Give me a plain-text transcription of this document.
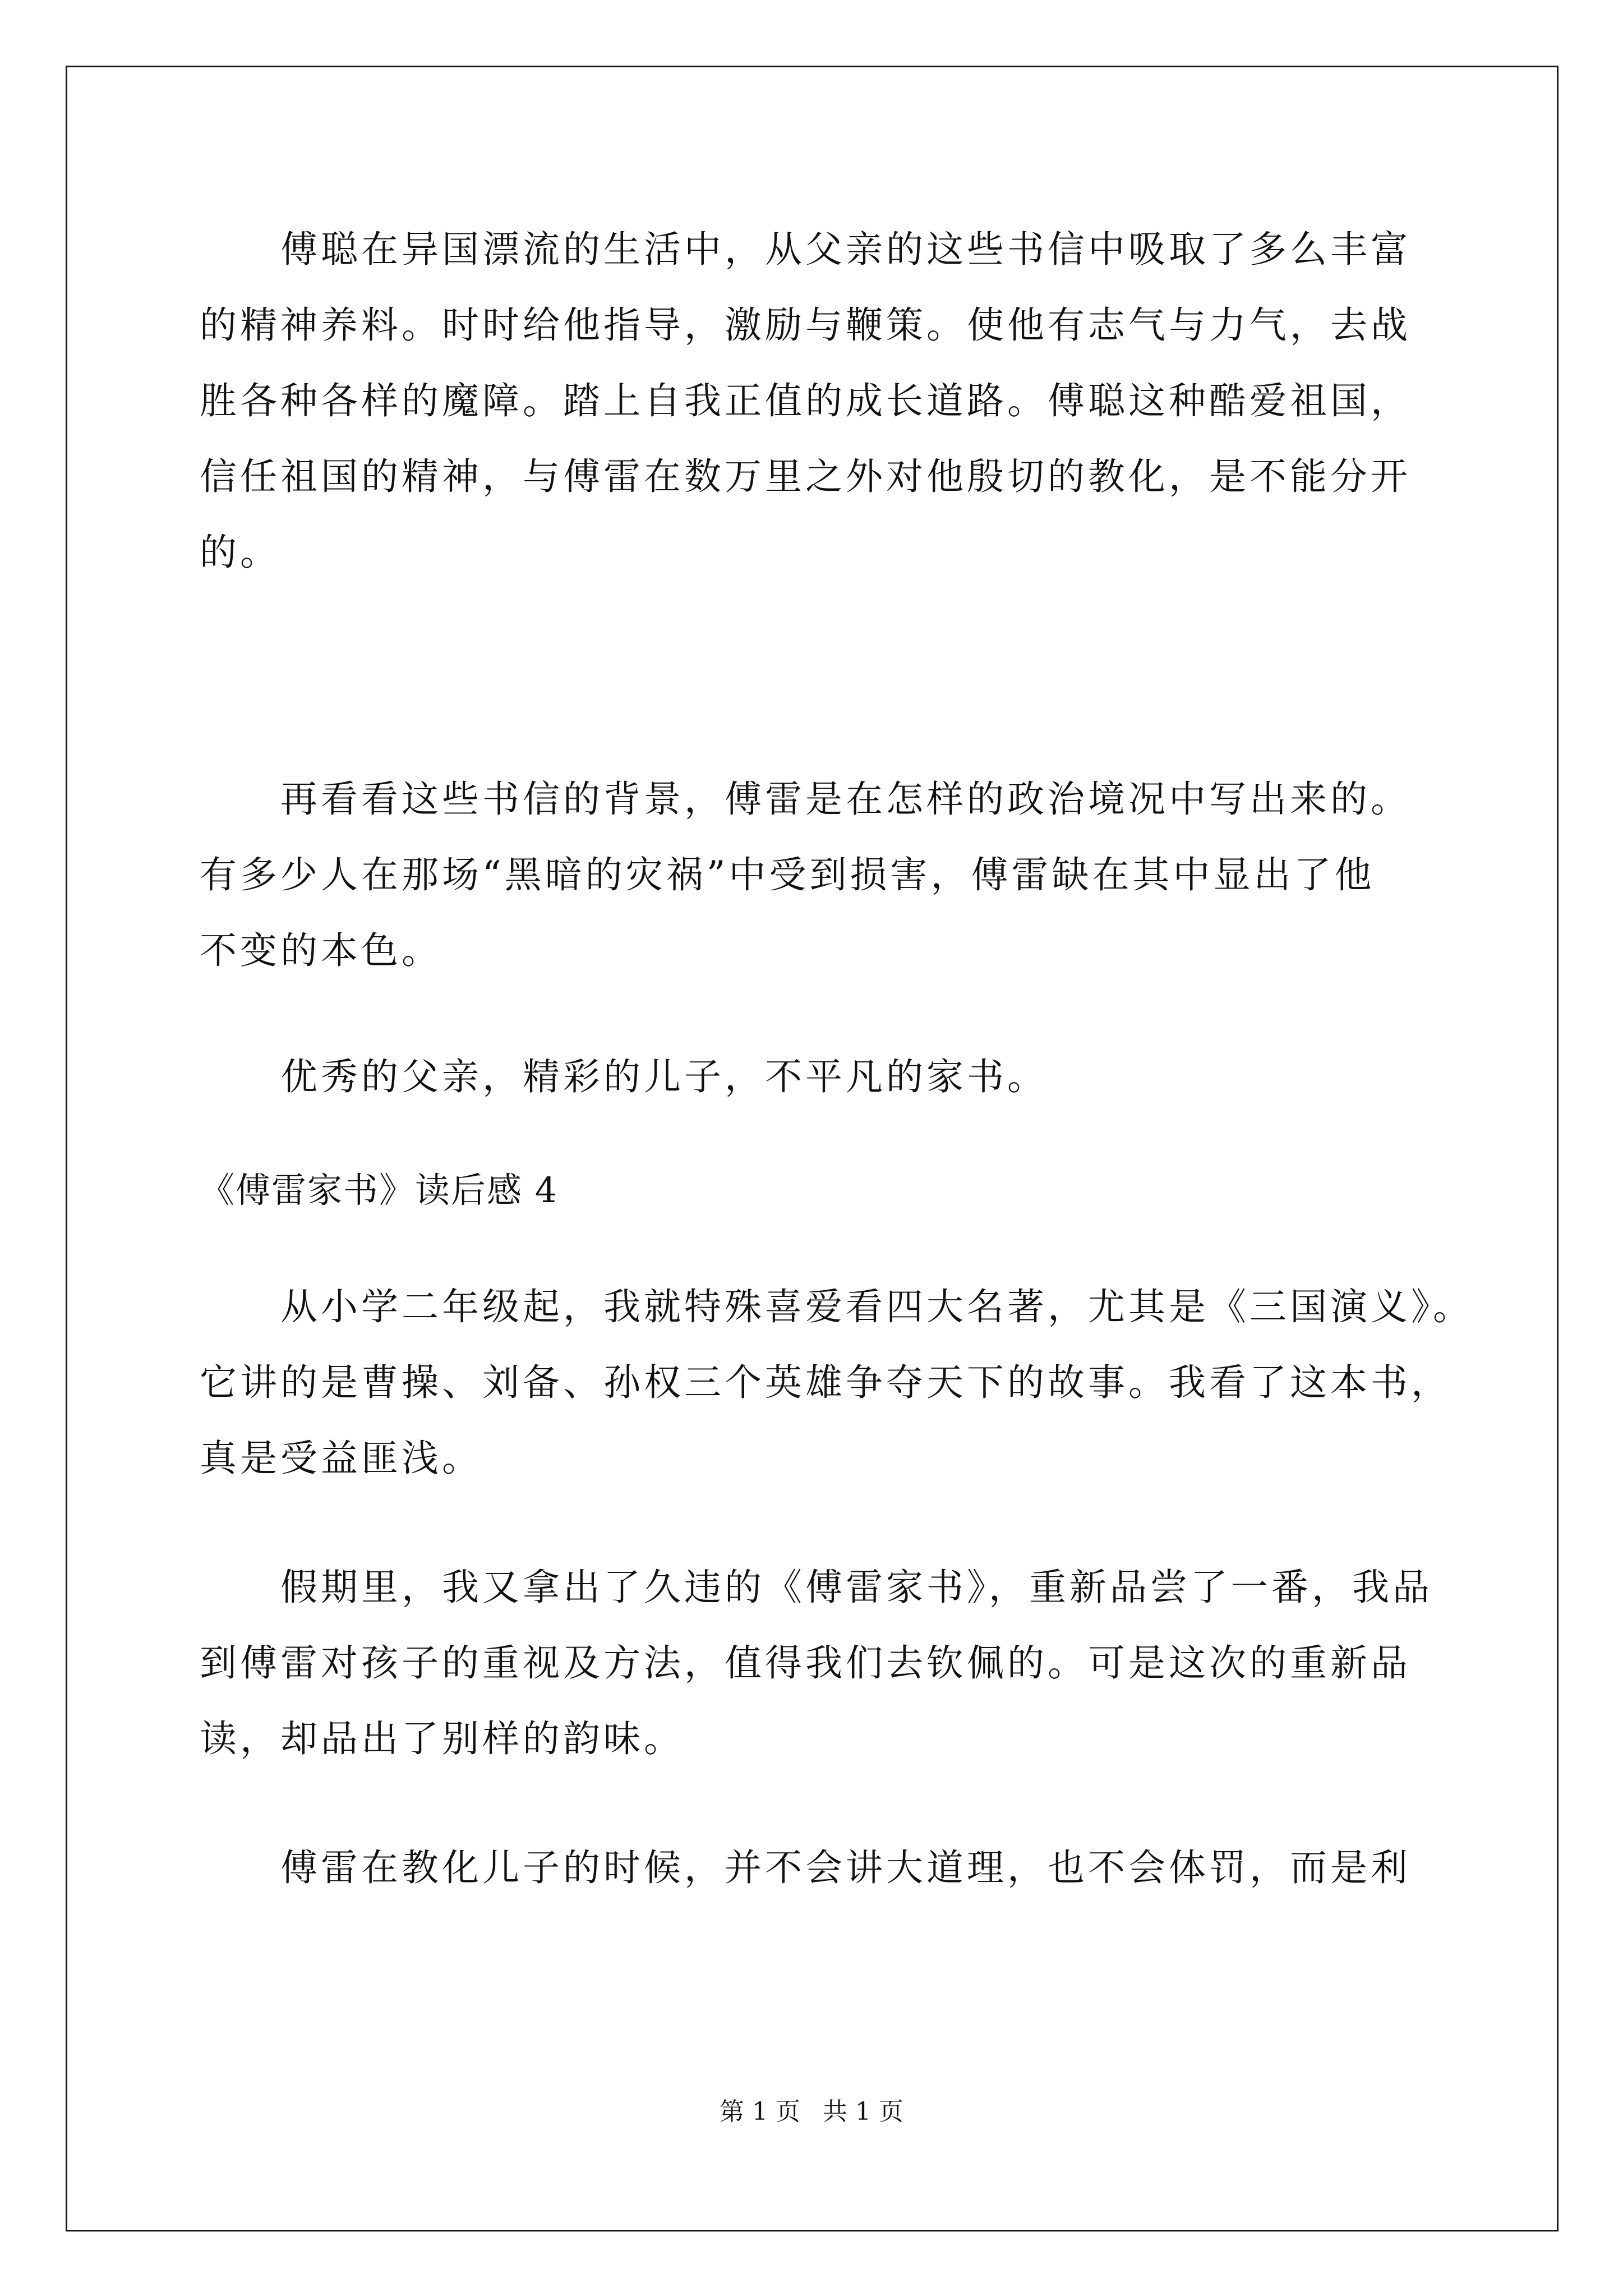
傅聪在异国漂流的生活中，从父亲的这些书信中吸取了多么丰富

的精神养料。时时给他指导，激励与鞭策。使他有志气与力气，去战

胜各种各样的魔障。踏上自我正值的成长道路。傅聪这种酷爱祖国，

信任祖国的精神，与傅雷在数万里之外对他殷切的教化，是不能分开

的。

再看看这些书信的背景，傅雷是在怎样的政治境况中写出来的。

有多少人在那场“黑暗的灾祸”中受到损害，傅雷缺在其中显出了他

不变的本色。

优秀的父亲，精彩的儿子，不平凡的家书。

《傅雷家书》读后感 4

从小学二年级起，我就特殊喜爱看四大名著，尤其是《三国演义》。

它讲的是曹操、刘备、孙权三个英雄争夺天下的故事。我看了这本书，

真是受益匪浅。

假期里，我又拿出了久违的《傅雷家书》，重新品尝了一番，我品

到傅雷对孩子的重视及方法，值得我们去钦佩的。可是这次的重新品

读，却品出了别样的韵味。

傅雷在教化儿子的时候，并不会讲大道理，也不会体罚，而是利

第 1 页 共 1 页
